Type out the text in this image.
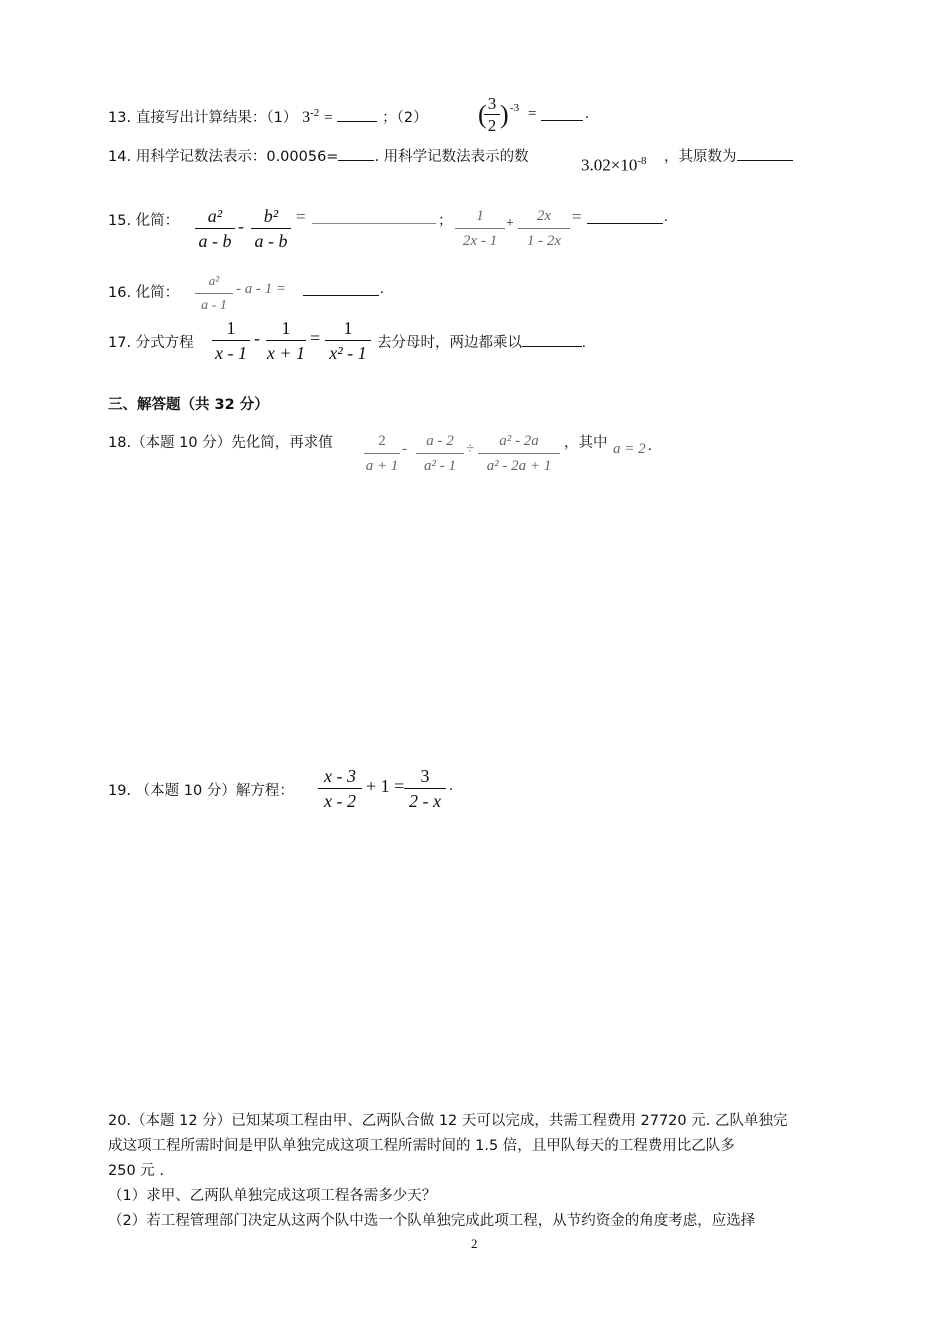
13. 直接写出计算结果：（1） $3^{-2}$ =	；（2）
3
2
( ) -3 =	.
14. 用科学记数法表示：0.00056= . 用科学记数法表示的数	$3.02\times 10^{-8}$ ，其原数为
15. 化简：	a²
a - b
-	b²
a - b
=	；	1
2x - 1
+	2x
1 - 2x
=	.
16. 化简：
a²
a - 1
- a - 1 =	.
17. 分式方程
1
x - 1
-	1
x + 1
=	1
x² - 1 去分母时，两边都乘以	.
三、解答题（共 32 分）
18.（本题 10 分）先化简，再求值	2
a + 1
-	a - 2
a² - 1
÷	a² - 2a
a² - 2a + 1
，其中 a = 2 .
19. （本题 10 分）解方程：
x - 3
x - 2
+ 1 = 3
2 - x
.
20.（本题 12 分）已知某项工程由甲、乙两队合做 12 天可以完成，共需工程费用 27720 元. 乙队单独完
成这项工程所需时间是甲队单独完成这项工程所需时间的 1.5 倍，且甲队每天的工程费用比乙队多
250 元 .
（1）求甲、乙两队单独完成这项工程各需多少天？
（2）若工程管理部门决定从这两个队中选一个队单独完成此项工程，从节约资金的角度考虑，应选择
2
